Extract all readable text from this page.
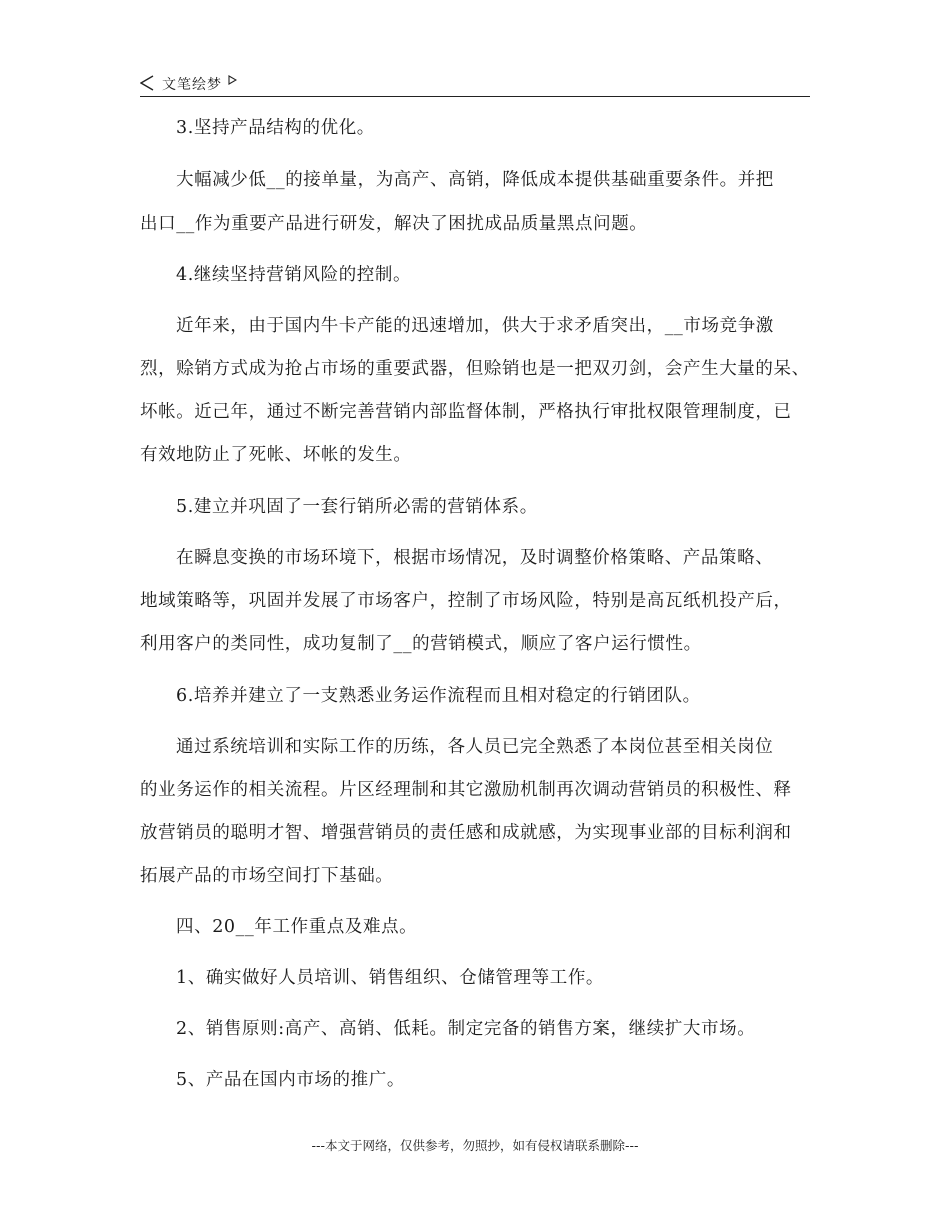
文笔绘梦
3.坚持产品结构的优化。
大幅减少低__的接单量，为高产、高销，降低成本提供基础重要条件。并把
出口__作为重要产品进行研发，解决了困扰成品质量黑点问题。
4.继续坚持营销风险的控制。
近年来，由于国内牛卡产能的迅速增加，供大于求矛盾突出，__市场竞争激
烈，赊销方式成为抢占市场的重要武器，但赊销也是一把双刃剑，会产生大量的呆、
坏帐。近己年，通过不断完善营销内部监督体制，严格执行审批权限管理制度，已
有效地防止了死帐、坏帐的发生。
5.建立并巩固了一套行销所必需的营销体系。
在瞬息变换的市场环境下，根据市场情况，及时调整价格策略、产品策略、
地域策略等，巩固并发展了市场客户，控制了市场风险，特别是高瓦纸机投产后，
利用客户的类同性，成功复制了__的营销模式，顺应了客户运行惯性。
6.培养并建立了一支熟悉业务运作流程而且相对稳定的行销团队。
通过系统培训和实际工作的历练，各人员已完全熟悉了本岗位甚至相关岗位
的业务运作的相关流程。片区经理制和其它激励机制再次调动营销员的积极性、释
放营销员的聪明才智、增强营销员的责任感和成就感，为实现事业部的目标利润和
拓展产品的市场空间打下基础。
四、20__年工作重点及难点。
1、确实做好人员培训、销售组织、仓储管理等工作。
2、销售原则:高产、高销、低耗。制定完备的销售方案，继续扩大市场。
5、产品在国内市场的推广。
---本文于网络，仅供参考，勿照抄，如有侵权请联系删除---
